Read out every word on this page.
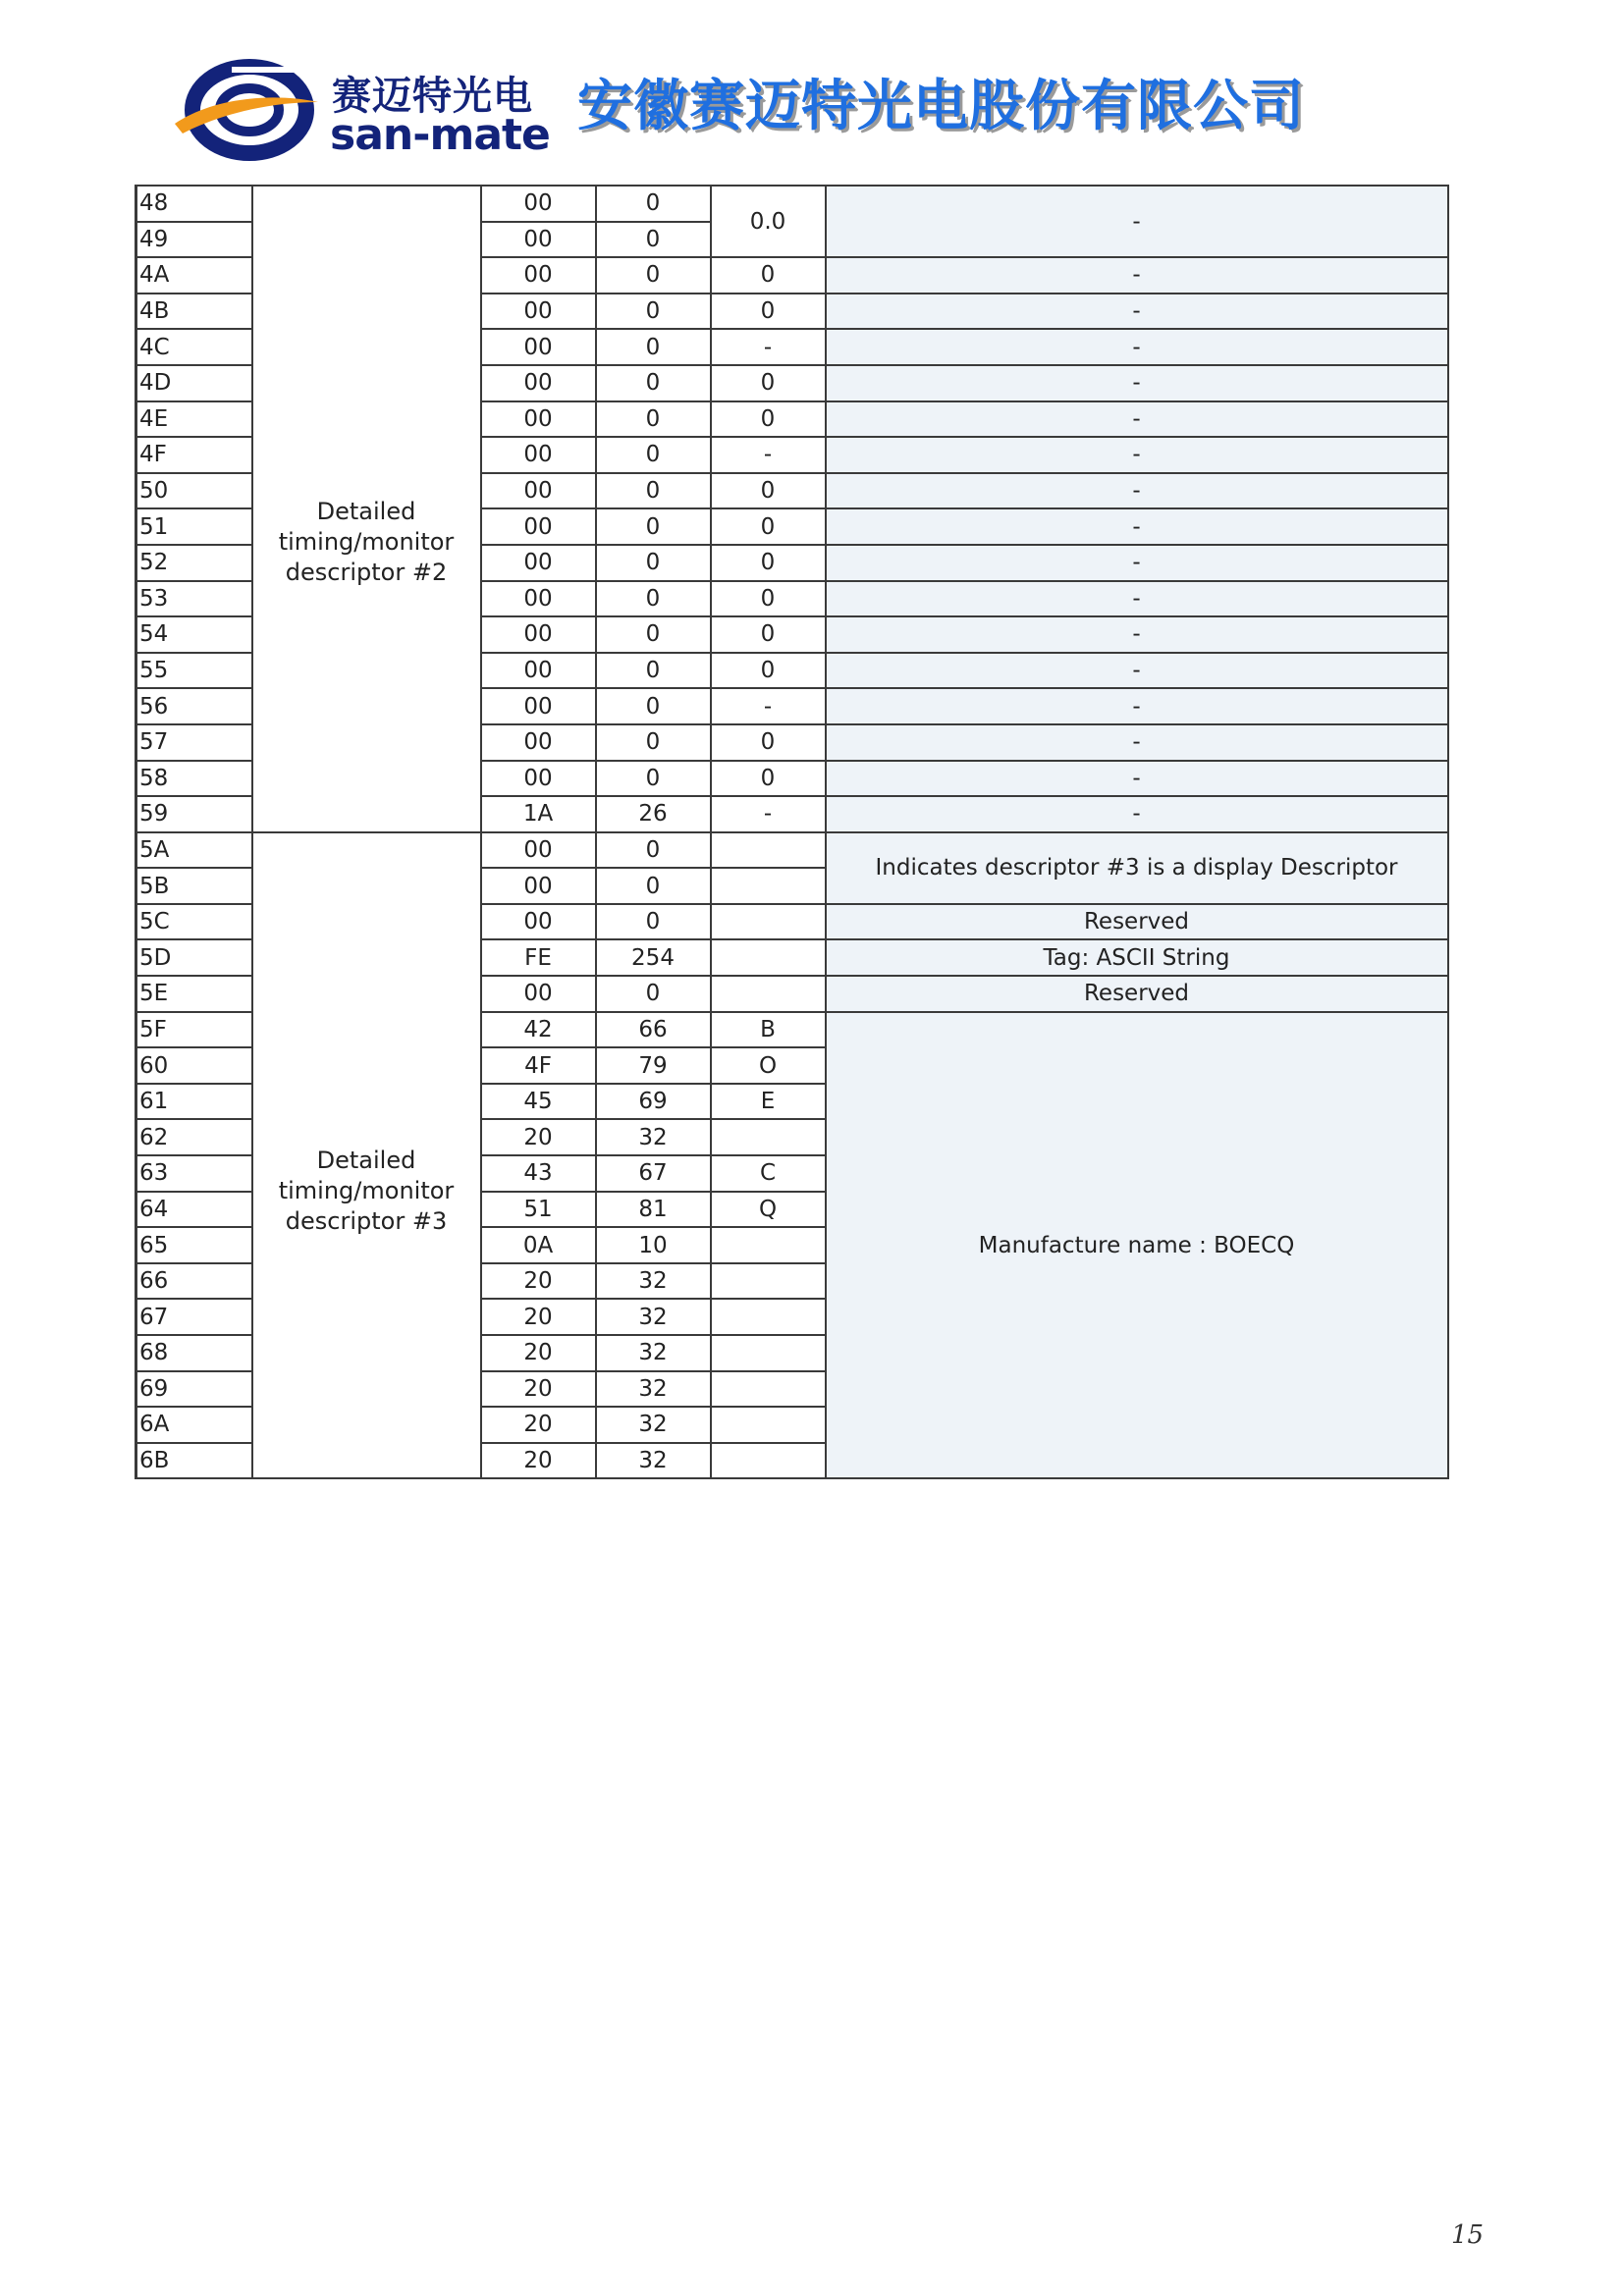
赛迈特光电
san-mate 安徽赛迈特光电股份有限公司
48	Detailed timing/monitor descriptor #2	00	0	0.0	-
49		00	0		
4A		00	0	0	-
4B		00	0	0	-
4C		00	0	-	-
4D		00	0	0	-
4E		00	0	0	-
4F		00	0	-	-
50		00	0	0	-
51		00	0	0	-
52		00	0	0	-
53		00	0	0	-
54		00	0	0	-
55		00	0	0	-
56		00	0	-	-
57		00	0	0	-
58		00	0	0	-
59		1A	26	-	-
5A	Detailed timing/monitor descriptor #3	00	0		Indicates descriptor #3 is a display Descriptor
5B		00	0		
5C		00	0		Reserved
5D		FE	254		Tag: ASCII String
5E		00	0		Reserved
5F		42	66	B	Manufacture name : BOECQ
60		4F	79	O	
61		45	69	E	
62		20	32		
63		43	67	C	
64		51	81	Q	
65		0A	10		
66		20	32		
67		20	32		
68		20	32		
69		20	32		
6A		20	32		
6B		20	32		
15
